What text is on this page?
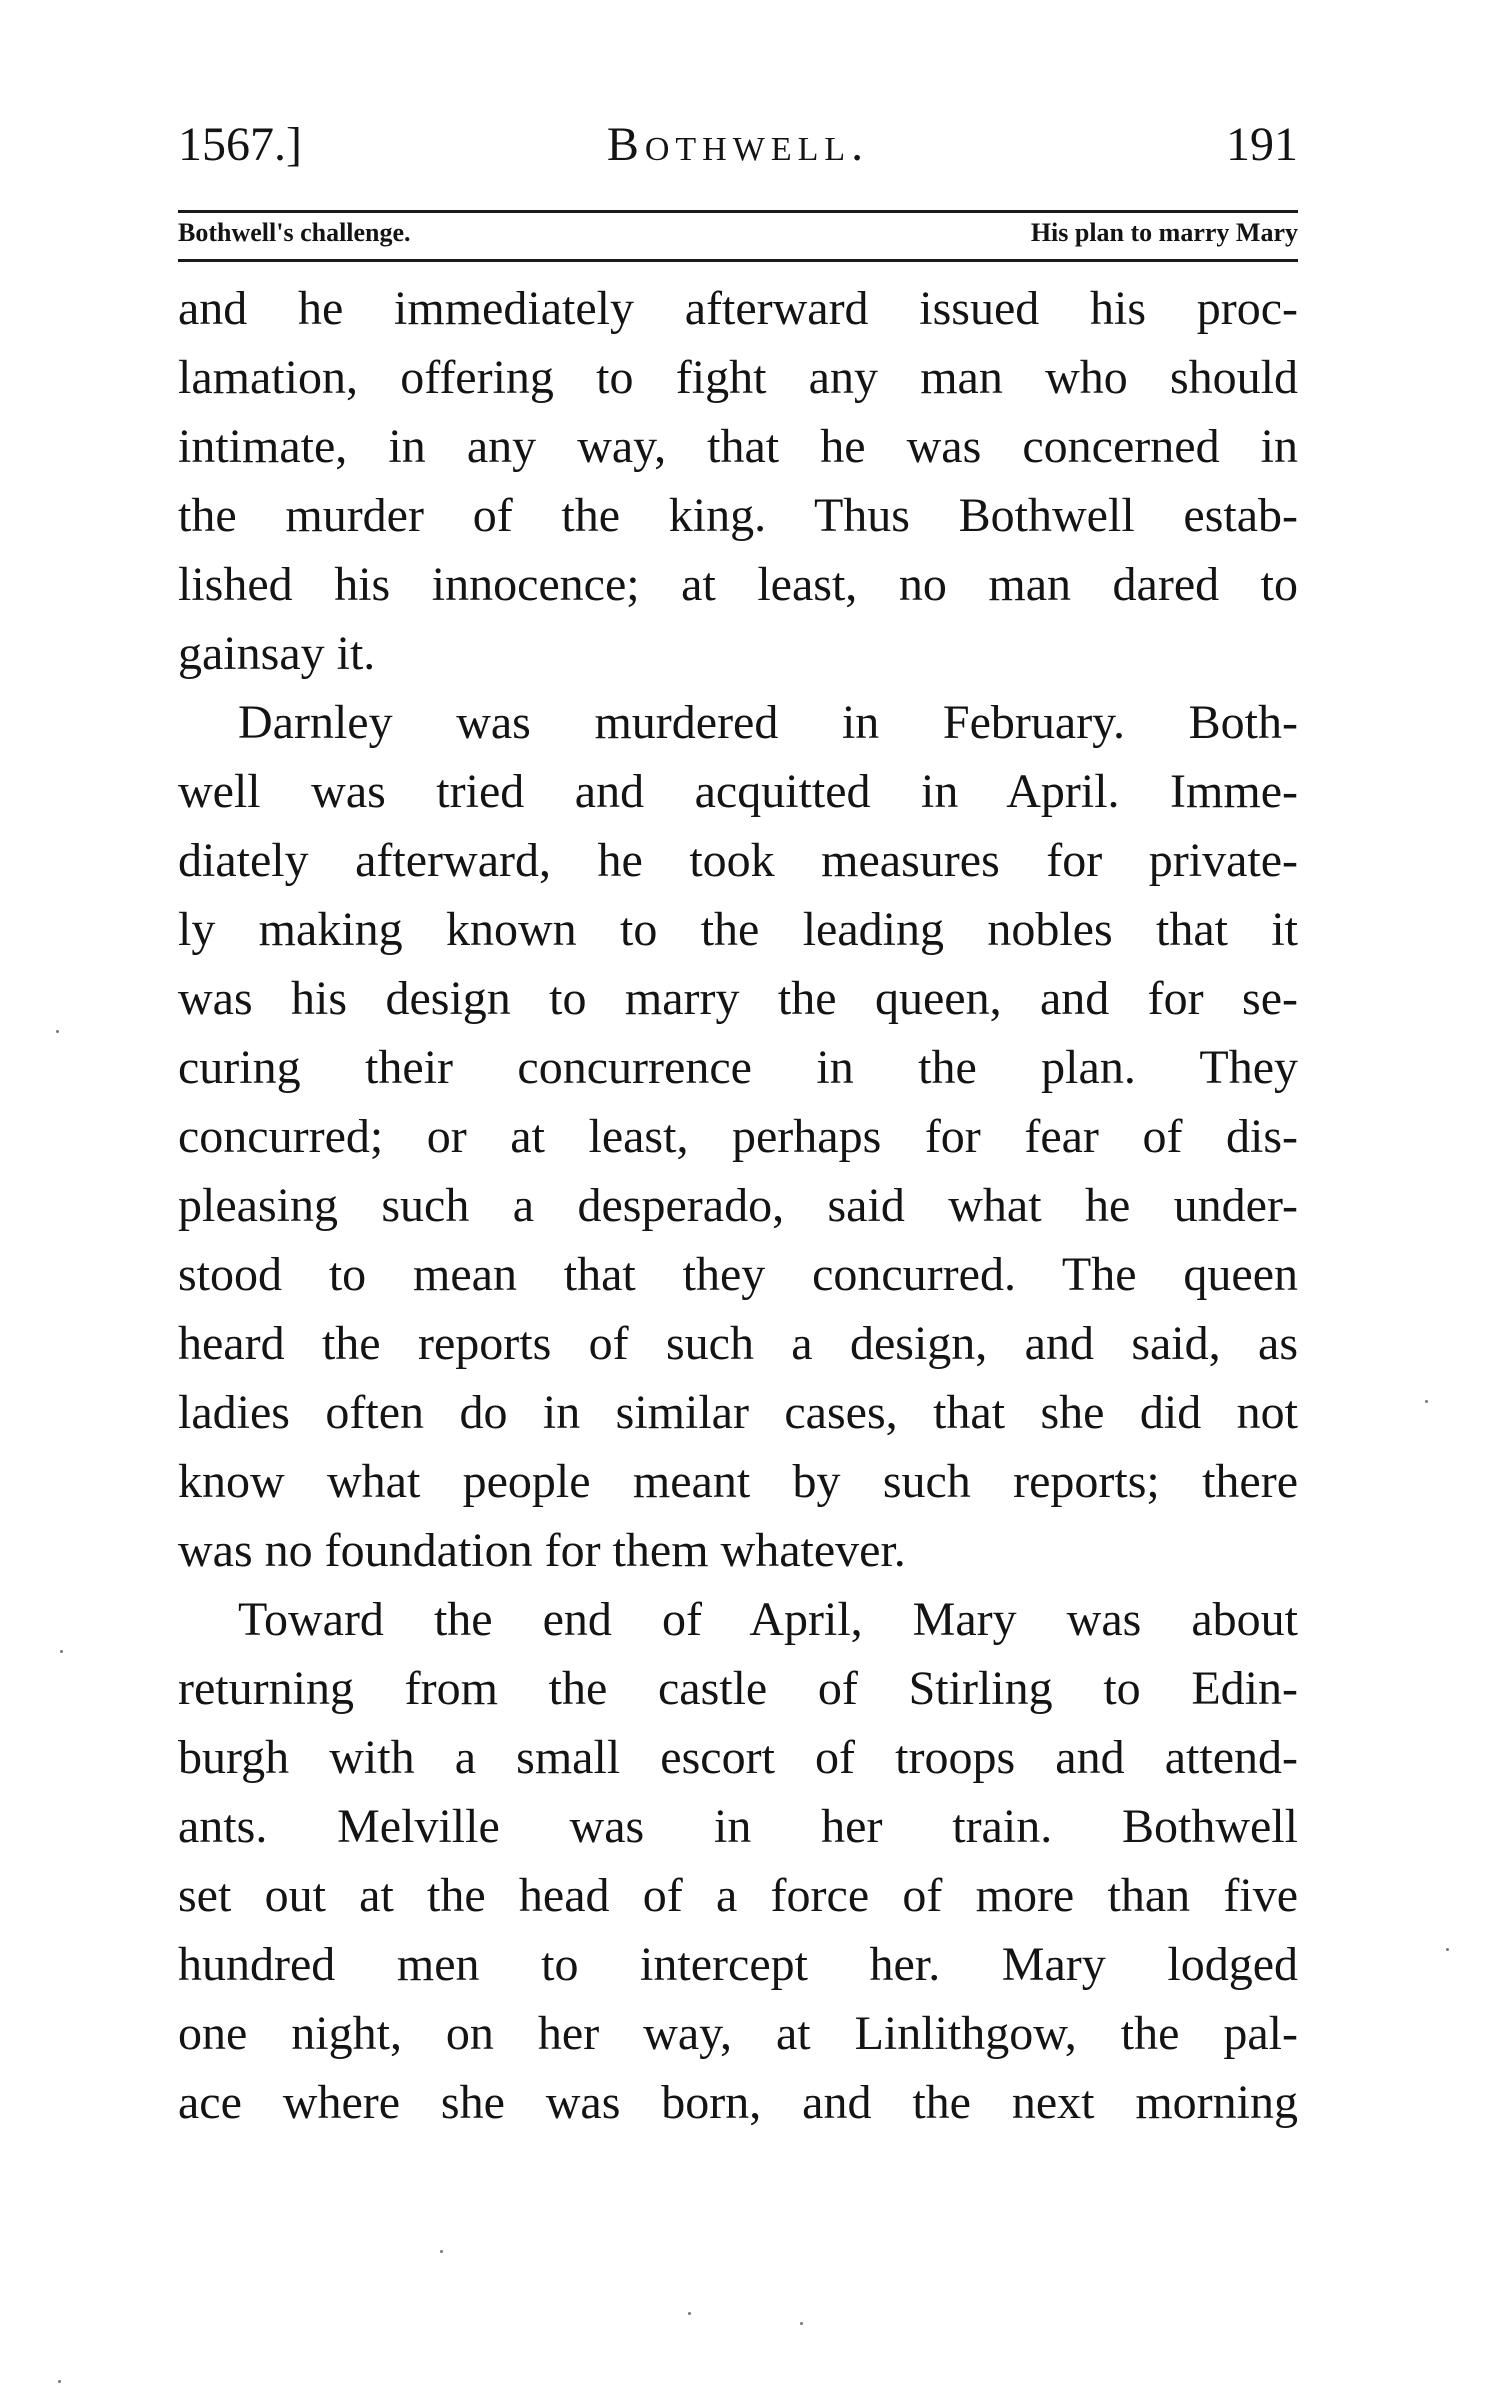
1567.]	Bothwell.	191
Bothwell's challenge.	His plan to marry Mary
and he immediately afterward issued his proc-
lamation, offering to fight any man who should
intimate, in any way, that he was concerned in
the murder of the king. Thus Bothwell estab-
lished his innocence; at least, no man dared to
gainsay it.
Darnley was murdered in February. Both-
well was tried and acquitted in April. Imme-
diately afterward, he took measures for private-
ly making known to the leading nobles that it
was his design to marry the queen, and for se-
curing their concurrence in the plan. They
concurred; or at least, perhaps for fear of dis-
pleasing such a desperado, said what he under-
stood to mean that they concurred. The queen
heard the reports of such a design, and said, as
ladies often do in similar cases, that she did not
know what people meant by such reports; there
was no foundation for them whatever.
Toward the end of April, Mary was about
returning from the castle of Stirling to Edin-
burgh with a small escort of troops and attend-
ants. Melville was in her train. Bothwell
set out at the head of a force of more than five
hundred men to intercept her. Mary lodged
one night, on her way, at Linlithgow, the pal-
ace where she was born, and the next morning
